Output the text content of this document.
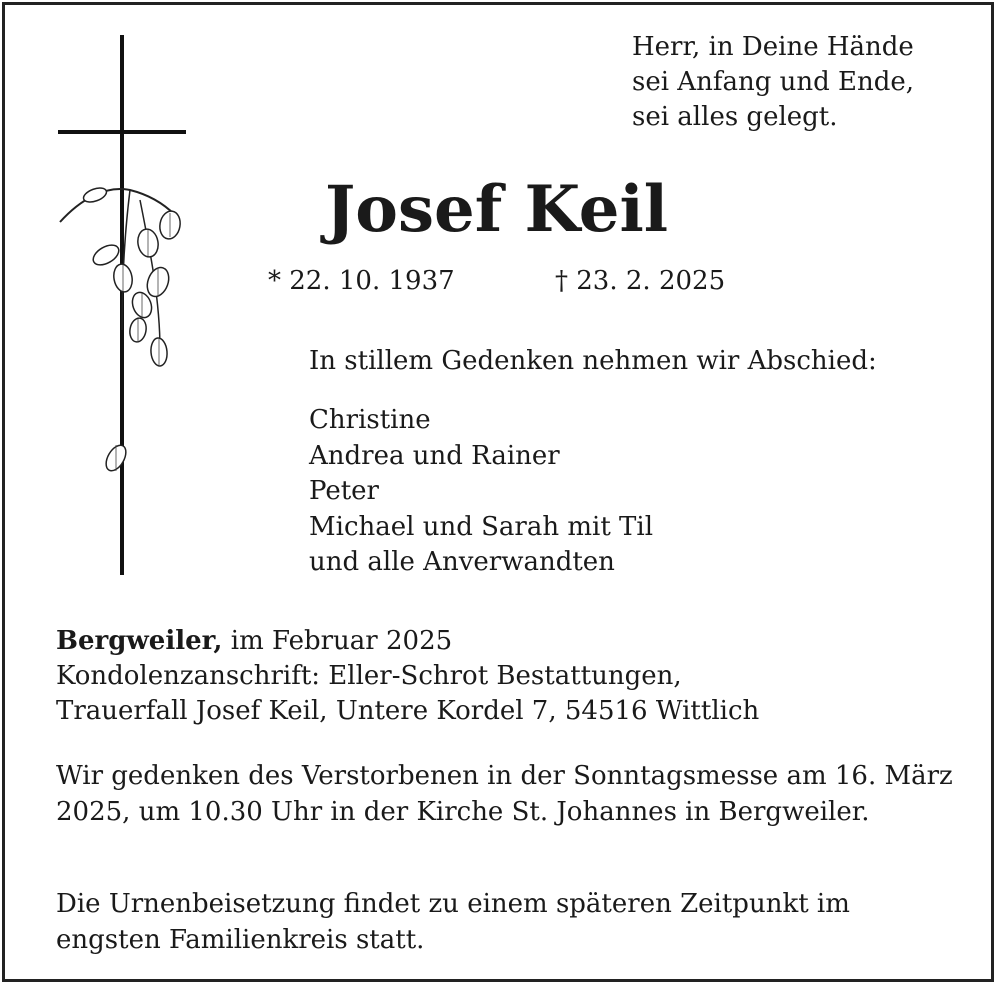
Herr, in Deine Hände
sei Anfang und Ende,
sei alles gelegt.
Josef Keil
* 22. 10. 1937	† 23. 2. 2025
In stillem Gedenken nehmen wir Abschied:
Christine
Andrea und Rainer
Peter
Michael und Sarah mit Til
und alle Anverwandten
Bergweiler, im Februar 2025
Kondolenzanschrift: Eller-Schrot Bestattungen,
Trauerfall Josef Keil, Untere Kordel 7, 54516 Wittlich
Wir gedenken des Verstorbenen in der Sonntagsmesse am 16. März 2025, um 10.30 Uhr in der Kirche St. Johannes in Bergweiler.
Die Urnenbeisetzung findet zu einem späteren Zeitpunkt im engsten Familienkreis statt.
